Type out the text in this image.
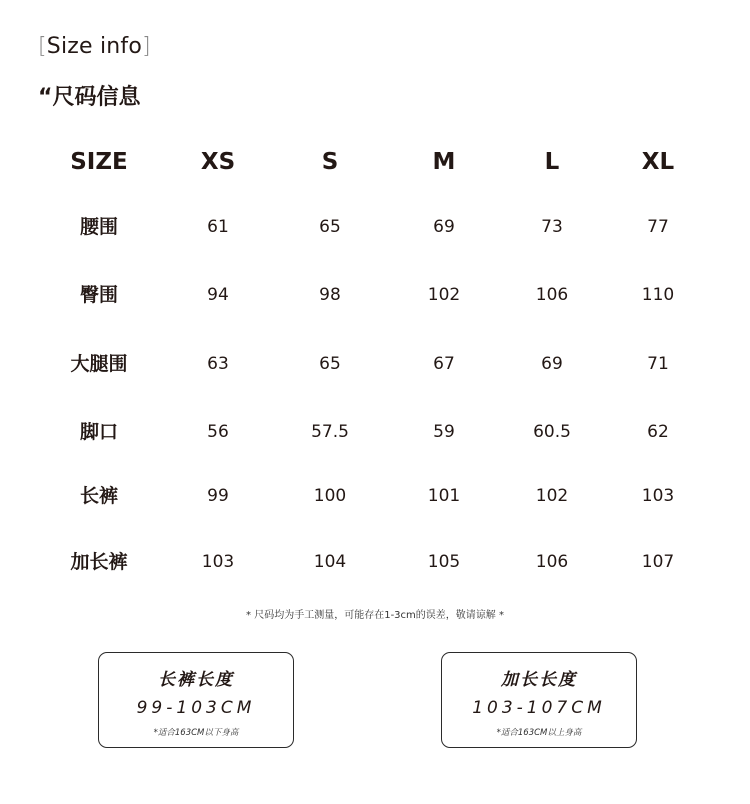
[Size info]
“尺码信息
SIZE	XS	S	M	L	XL
腰围	61	65	69	73	77
臀围	94	98	102	106	110
大腿围	63	65	67	69	71
脚口	56	57.5	59	60.5	62
长裤	99	100	101	102	103
加长裤	103	104	105	106	107
* 尺码均为手工测量，可能存在1-3cm的误差，敬请谅解 *
长裤长度
99-103CM
*适合163CM以下身高
加长长度
103-107CM
*适合163CM以上身高
